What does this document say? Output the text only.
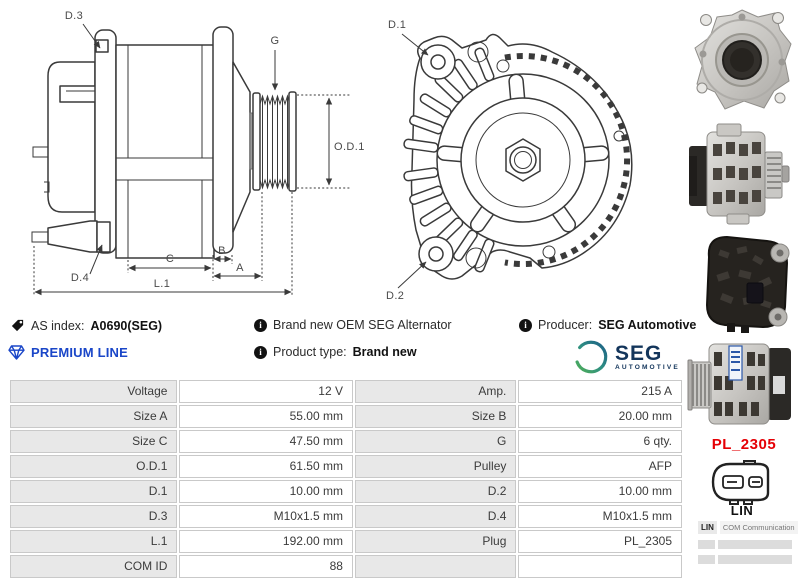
D.3
G
O.D.1
D.4
C
B
A
L.1
D.1
D.2
AS index: A0690(SEG)
PREMIUM LINE
i Brand new OEM SEG Alternator
i Product type: Brand new
i Producer: SEG Automotive
SEG
AUTOMOTIVE
Voltage	12 V	Amp.	215 A
Size A	55.00 mm	Size B	20.00 mm
Size C	47.50 mm	G	6 qty.
O.D.1	61.50 mm	Pulley	AFP
D.1	10.00 mm	D.2	10.00 mm
D.3	M10x1.5 mm	D.4	M10x1.5 mm
L.1	192.00 mm	Plug	PL_2305
COM ID	88		
PL_2305
LIN
LIN	COM Communication
